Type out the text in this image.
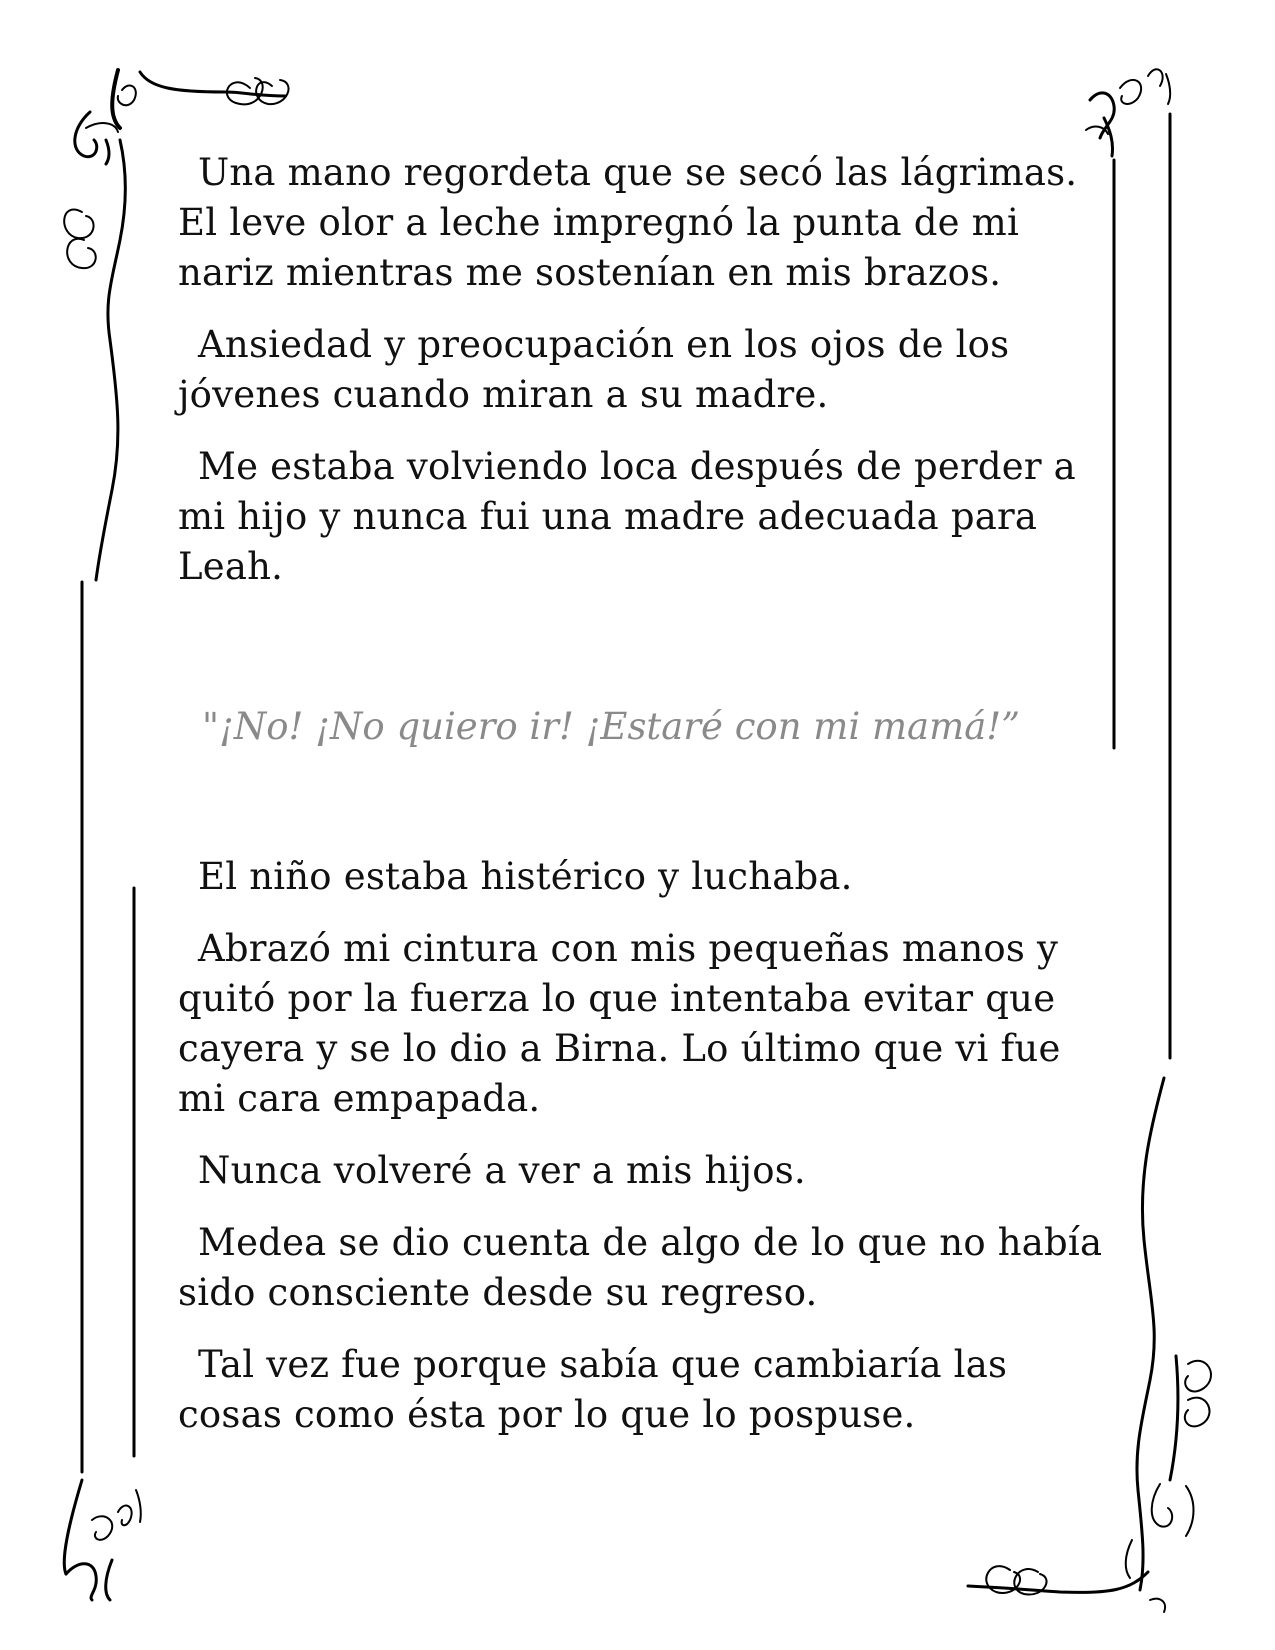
Una mano regordeta que se secó las lágrimas. El leve olor a leche impregnó la punta de mi nariz mientras me sostenían en mis brazos.

Ansiedad y preocupación en los ojos de los jóvenes cuando miran a su madre.

Me estaba volviendo loca después de perder a mi hijo y nunca fui una madre adecuada para Leah.

"¡No! ¡No quiero ir! ¡Estaré con mi mamá!”

El niño estaba histérico y luchaba.

Abrazó mi cintura con mis pequeñas manos y quitó por la fuerza lo que intentaba evitar que cayera y se lo dio a Birna. Lo último que vi fue mi cara empapada.

Nunca volveré a ver a mis hijos.

Medea se dio cuenta de algo de lo que no había sido consciente desde su regreso.

Tal vez fue porque sabía que cambiaría las cosas como ésta por lo que lo pospuse.
